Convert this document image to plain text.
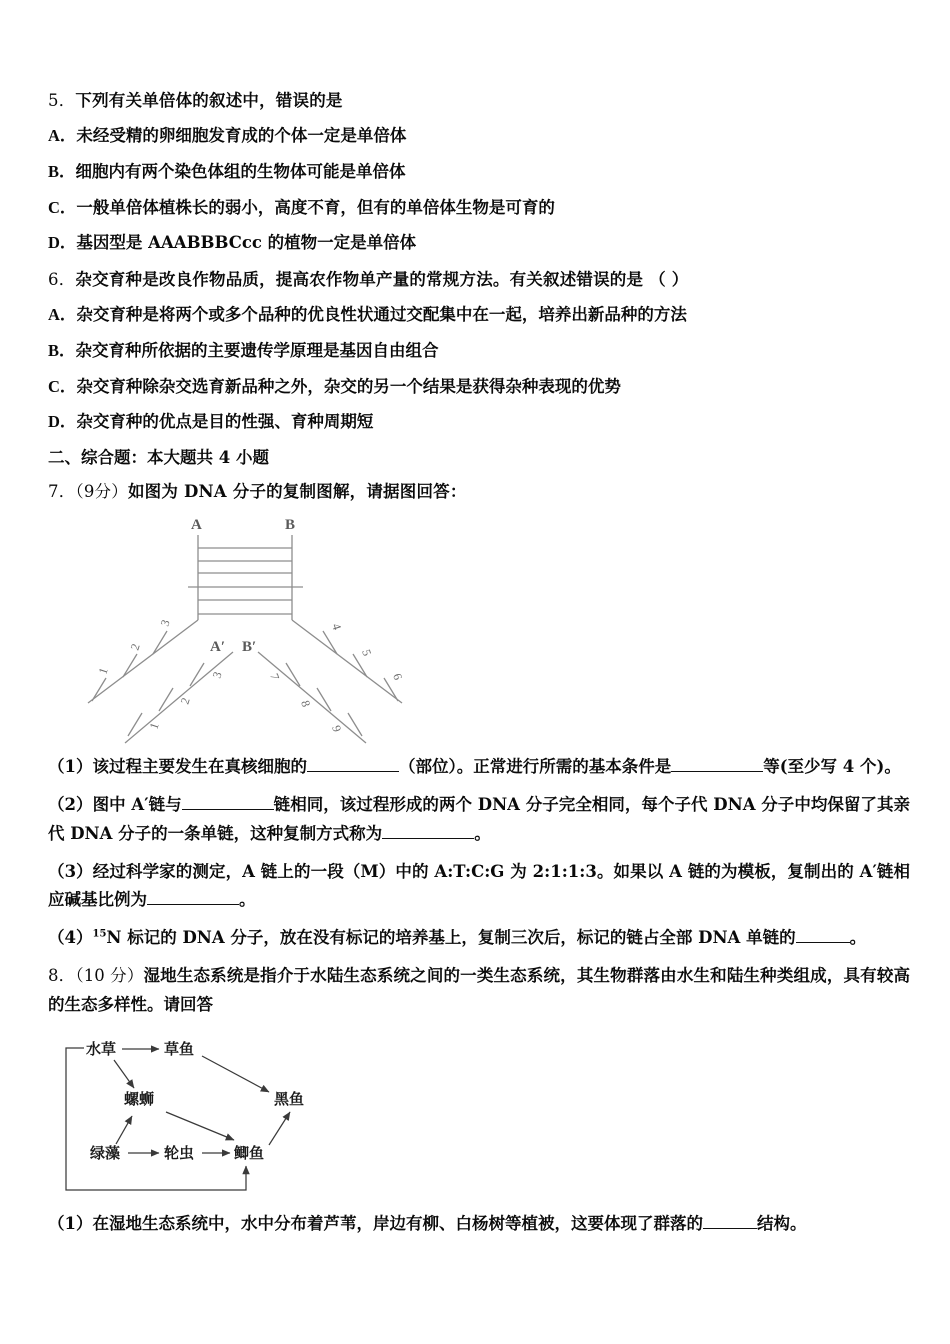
5．下列有关单倍体的叙述中，错误的是

A．未经受精的卵细胞发育成的个体一定是单倍体

B．细胞内有两个染色体组的生物体可能是单倍体

C．一般单倍体植株长的弱小，高度不育，但有的单倍体生物是可育的

D．基因型是 AAABBBCcc 的植物一定是单倍体

6．杂交育种是改良作物品质，提高农作物单产量的常规方法。有关叙述错误的是 （ ）

A．杂交育种是将两个或多个品种的优良性状通过交配集中在一起，培养出新品种的方法

B．杂交育种所依据的主要遗传学原理是基因自由组合

C．杂交育种除杂交选育新品种之外，杂交的另一个结果是获得杂种表现的优势

D．杂交育种的优点是目的性强、育种周期短

二、综合题：本大题共 4 小题

7．（9分）如图为 DNA 分子的复制图解，请据图回答：

A	B
A′ B′
3
2
1	3
2
1
7
8
9
4
5
6

（1）该过程主要发生在真核细胞的	（部位）。正常进行所需的基本条件是	等(至少写 4 个)。

（2）图中 A′链与	链相同，该过程形成的两个 DNA 分子完全相同，每个子代 DNA 分子中均保留了其亲代 DNA 分子的一条单链，这种复制方式称为	。

（3）经过科学家的测定，A 链上的一段（M）中的 A:T:C:G 为 2:1:1:3。如果以 A 链的为模板，复制出的 A′链相应碱基比例为	。

$(4)^{15}N$ 标记的 DNA 分子，放在没有标记的培养基上，复制三次后，标记的链占全部 DNA 单链的	。

8．（10 分）湿地生态系统是指介于水陆生态系统之间的一类生态系统，其生物群落由水生和陆生种类组成，具有较高的生态多样性。请回答

水草	草鱼
螺蛳	黑鱼
绿藻	轮虫	鲫鱼

（1）在湿地生态系统中，水中分布着芦苇，岸边有柳、白杨树等植被，这要体现了群落的	结构。
